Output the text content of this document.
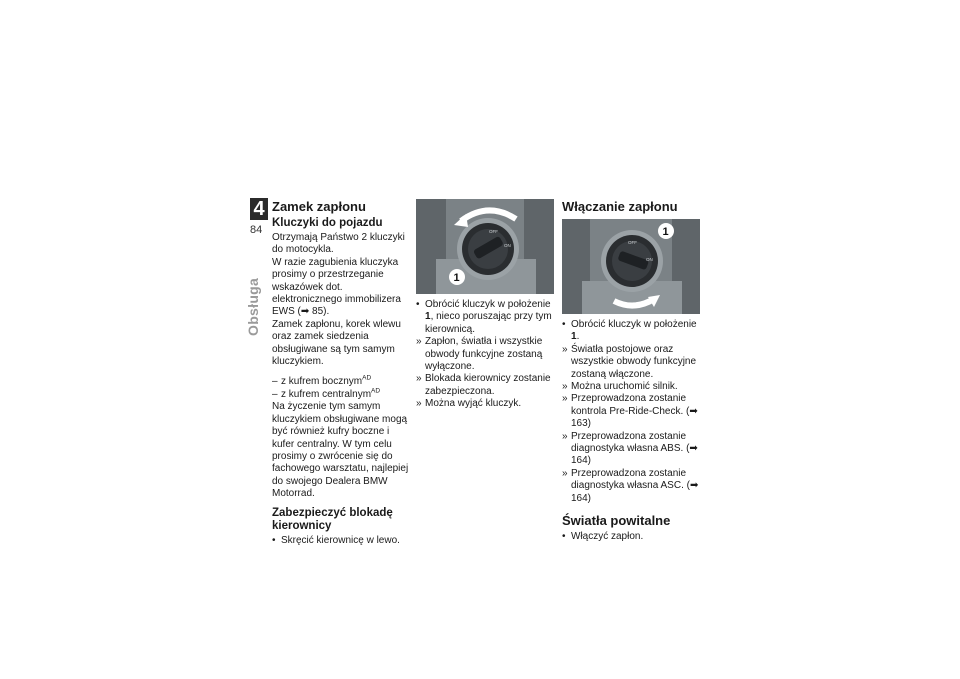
4
84
Obsługa
Zamek zapłonu
Kluczyki do pojazdu

Otrzymają Państwo 2 kluczyki do motocykla.

W razie zagubienia kluczyka prosimy o przestrzeganie wskazówek dot. elektronicznego immobilizera EWS (➡ 85).

Zamek zapłonu, korek wlewu oraz zamek siedzenia obsługiwane są tym samym kluczykiem.

– z kufrem bocznym$^{AD}$

– z kufrem centralnym$^{AD}$

Na życzenie tym samym kluczykiem obsługiwane mogą być również kufry boczne i kufer centralny. W tym celu prosimy o zwrócenie się do fachowego warsztatu, najlepiej do swojego Dealera BMW Motorrad.

Zabezpieczyć blokadę kierownicy

• Skręcić kierownicę w lewo.

OFF
ON
1

• Obrócić kluczyk w położenie 1, nieco poruszając przy tym kierownicą.

» Zapłon, światła i wszystkie obwody funkcyjne zostaną wyłączone.

» Blokada kierownicy zostanie zabezpieczona.

» Można wyjąć kluczyk.

Włączanie zapłonu
OFF
ON
1

• Obrócić kluczyk w położenie 1.

» Światła postojowe oraz wszystkie obwody funkcyjne zostaną włączone.

» Można uruchomić silnik.

» Przeprowadzona zostanie kontrola Pre-Ride-Check. (➡ 163)

» Przeprowadzona zostanie diagnostyka własna ABS. (➡ 164)

» Przeprowadzona zostanie diagnostyka własna ASC. (➡ 164)

Światła powitalne

• Włączyć zapłon.
